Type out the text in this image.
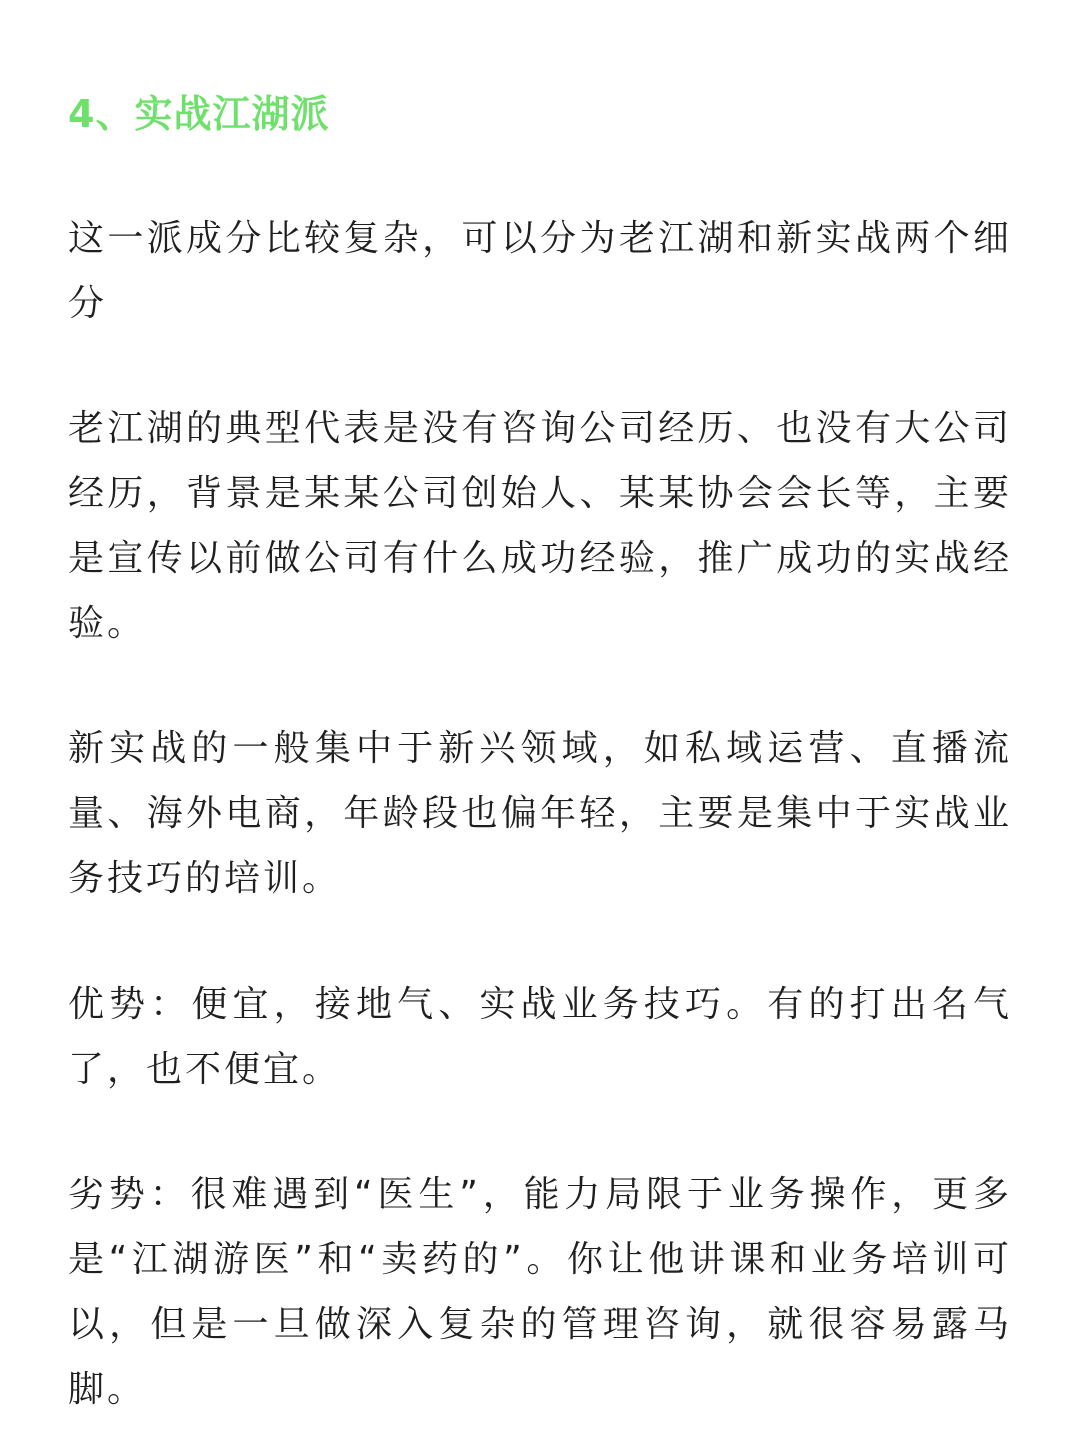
4、实战江湖派

这一派成分比较复杂，可以分为老江湖和新实战两个细分

老江湖的典型代表是没有咨询公司经历、也没有大公司经历，背景是某某公司创始人、某某协会会长等，主要是宣传以前做公司有什么成功经验，推广成功的实战经验。

新实战的一般集中于新兴领域，如私域运营、直播流量、海外电商，年龄段也偏年轻，主要是集中于实战业务技巧的培训。

优势：便宜，接地气、实战业务技巧。有的打出名气了，也不便宜。

劣势：很难遇到“医生”，能力局限于业务操作，更多是“江湖游医”和“卖药的”。你让他讲课和业务培训可以，但是一旦做深入复杂的管理咨询，就很容易露马脚。
